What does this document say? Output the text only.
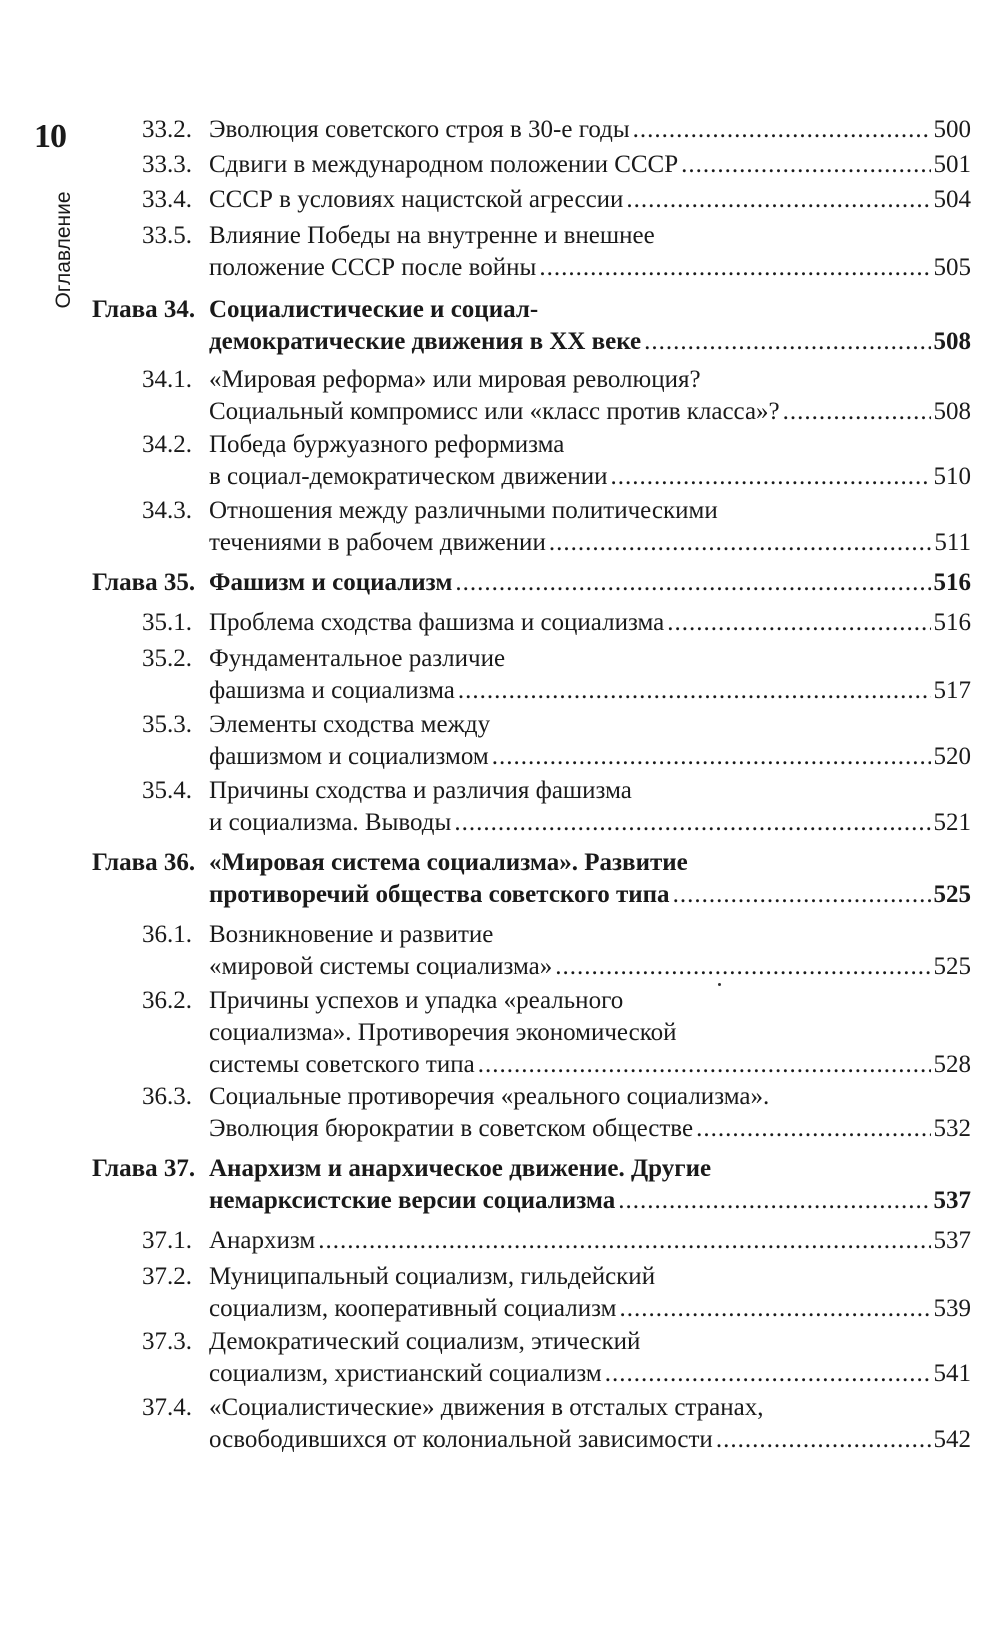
10
Оглавление
33.2. Эволюция советского строя в 30-е годы .....	500
33.3. Сдвиги в международном положении СССР .....	501
33.4. СССР в условиях нацистской агрессии .....	504
33.5. Влияние Победы на внутренне и внешнее
положение СССР после войны .....	505
Глава 34. Социалистические и социал-
демократические движения в XX веке .....	508
34.1. «Мировая реформа» или мировая революция?
Социальный компромисс или «класс против класса»? .....	508
34.2. Победа буржуазного реформизма
в социал-демократическом движении .....	510
34.3. Отношения между различными политическими
течениями в рабочем движении .....	511
Глава 35. Фашизм и социализм .....	516
35.1. Проблема сходства фашизма и социализма .....	516
35.2. Фундаментальное различие
фашизма и социализма .....	517
35.3. Элементы сходства между
фашизмом и социализмом .....	520
35.4. Причины сходства и различия фашизма
и социализма. Выводы .....	521
Глава 36. «Мировая система социализма». Развитие
противоречий общества советского типа .....	525
36.1. Возникновение и развитие
«мировой системы социализма» .....	525
36.2. Причины успехов и упадка «реального
социализма». Противоречия экономической
системы советского типа .....	528
36.3. Социальные противоречия «реального социализма».
Эволюция бюрократии в советском обществе .....	532
Глава 37. Анархизм и анархическое движение. Другие
немарксистские версии социализма .....	537
37.1. Анархизм .....	537
37.2. Муниципальный социализм, гильдейский
социализм, кооперативный социализм .....	539
37.3. Демократический социализм, этический
социализм, христианский социализм .....	541
37.4. «Социалистические» движения в отсталых странах,
освободившихся от колониальной зависимости .....	542
